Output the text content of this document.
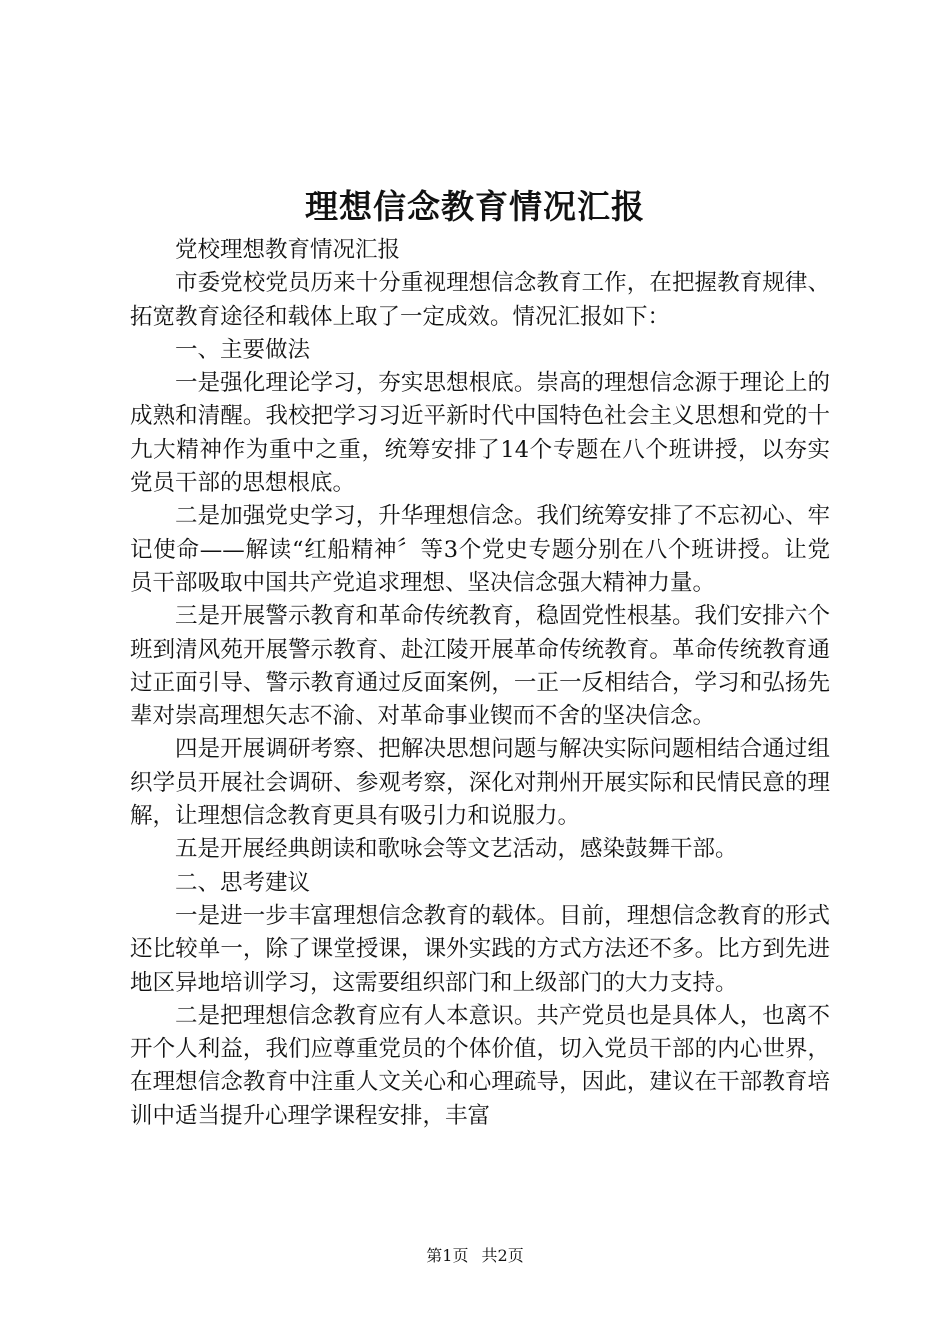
理想信念教育情况汇报

党校理想教育情况汇报

市委党校党员历来十分重视理想信念教育工作，在把握教育规律、拓宽教育途径和载体上取了一定成效。情况汇报如下：

一、主要做法

一是强化理论学习，夯实思想根底。崇高的理想信念源于理论上的成熟和清醒。我校把学习习近平新时代中国特色社会主义思想和党的十九大精神作为重中之重，统筹安排了14个专题在八个班讲授，以夯实党员干部的思想根底。

二是加强党史学习，升华理想信念。我们统筹安排了不忘初心、牢记使命——解读“红船精神〞等3个党史专题分别在八个班讲授。让党员干部吸取中国共产党追求理想、坚决信念强大精神力量。

三是开展警示教育和革命传统教育，稳固党性根基。我们安排六个班到清风苑开展警示教育、赴江陵开展革命传统教育。革命传统教育通过正面引导、警示教育通过反面案例，一正一反相结合，学习和弘扬先辈对崇高理想矢志不渝、对革命事业锲而不舍的坚决信念。

四是开展调研考察、把解决思想问题与解决实际问题相结合通过组织学员开展社会调研、参观考察，深化对荆州开展实际和民情民意的理解，让理想信念教育更具有吸引力和说服力。

五是开展经典朗读和歌咏会等文艺活动，感染鼓舞干部。

二、思考建议

一是进一步丰富理想信念教育的载体。目前，理想信念教育的形式还比较单一，除了课堂授课，课外实践的方式方法还不多。比方到先进地区异地培训学习，这需要组织部门和上级部门的大力支持。

二是把理想信念教育应有人本意识。共产党员也是具体人，也离不开个人利益，我们应尊重党员的个体价值，切入党员干部的内心世界，在理想信念教育中注重人文关心和心理疏导，因此，建议在干部教育培训中适当提升心理学课程安排，丰富

第1页 共2页
